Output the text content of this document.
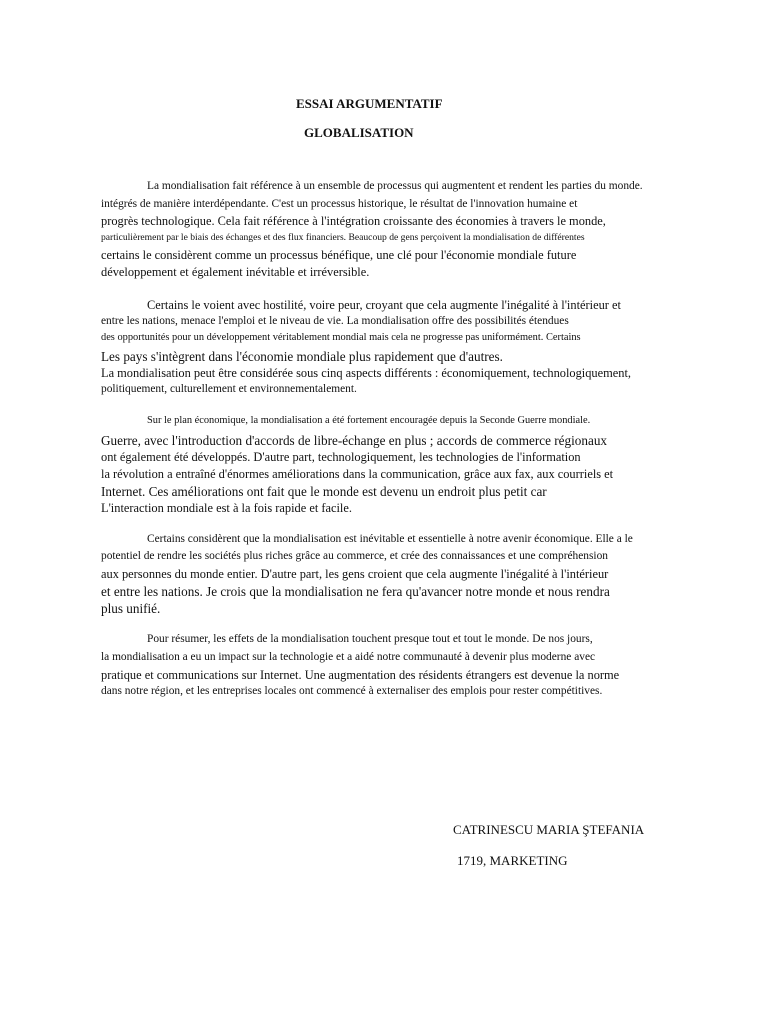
ESSAI ARGUMENTATIF
GLOBALISATION
La mondialisation fait référence à un ensemble de processus qui augmentent et rendent les parties du monde.
intégrés de manière interdépendante. C'est un processus historique, le résultat de l'innovation humaine et
progrès technologique. Cela fait référence à l'intégration croissante des économies à travers le monde,
particulièrement par le biais des échanges et des flux financiers. Beaucoup de gens perçoivent la mondialisation de différentes
certains le considèrent comme un processus bénéfique, une clé pour l'économie mondiale future
développement et également inévitable et irréversible.
Certains le voient avec hostilité, voire peur, croyant que cela augmente l'inégalité à l'intérieur et
entre les nations, menace l'emploi et le niveau de vie. La mondialisation offre des possibilités étendues
des opportunités pour un développement véritablement mondial mais cela ne progresse pas uniformément. Certains
Les pays s'intègrent dans l'économie mondiale plus rapidement que d'autres.
La mondialisation peut être considérée sous cinq aspects différents : économiquement, technologiquement,
politiquement, culturellement et environnementalement.
Sur le plan économique, la mondialisation a été fortement encouragée depuis la Seconde Guerre mondiale.
Guerre, avec l'introduction d'accords de libre-échange en plus ; accords de commerce régionaux
ont également été développés. D'autre part, technologiquement, les technologies de l'information
la révolution a entraîné d'énormes améliorations dans la communication, grâce aux fax, aux courriels et
Internet. Ces améliorations ont fait que le monde est devenu un endroit plus petit car
L'interaction mondiale est à la fois rapide et facile.
Certains considèrent que la mondialisation est inévitable et essentielle à notre avenir économique. Elle a le
potentiel de rendre les sociétés plus riches grâce au commerce, et crée des connaissances et une compréhension
aux personnes du monde entier. D'autre part, les gens croient que cela augmente l'inégalité à l'intérieur
et entre les nations. Je crois que la mondialisation ne fera qu'avancer notre monde et nous rendra
plus unifié.
Pour résumer, les effets de la mondialisation touchent presque tout et tout le monde. De nos jours,
la mondialisation a eu un impact sur la technologie et a aidé notre communauté à devenir plus moderne avec
pratique et communications sur Internet. Une augmentation des résidents étrangers est devenue la norme
dans notre région, et les entreprises locales ont commencé à externaliser des emplois pour rester compétitives.
CATRINESCU MARIA ŞTEFANIA
1719, MARKETING
